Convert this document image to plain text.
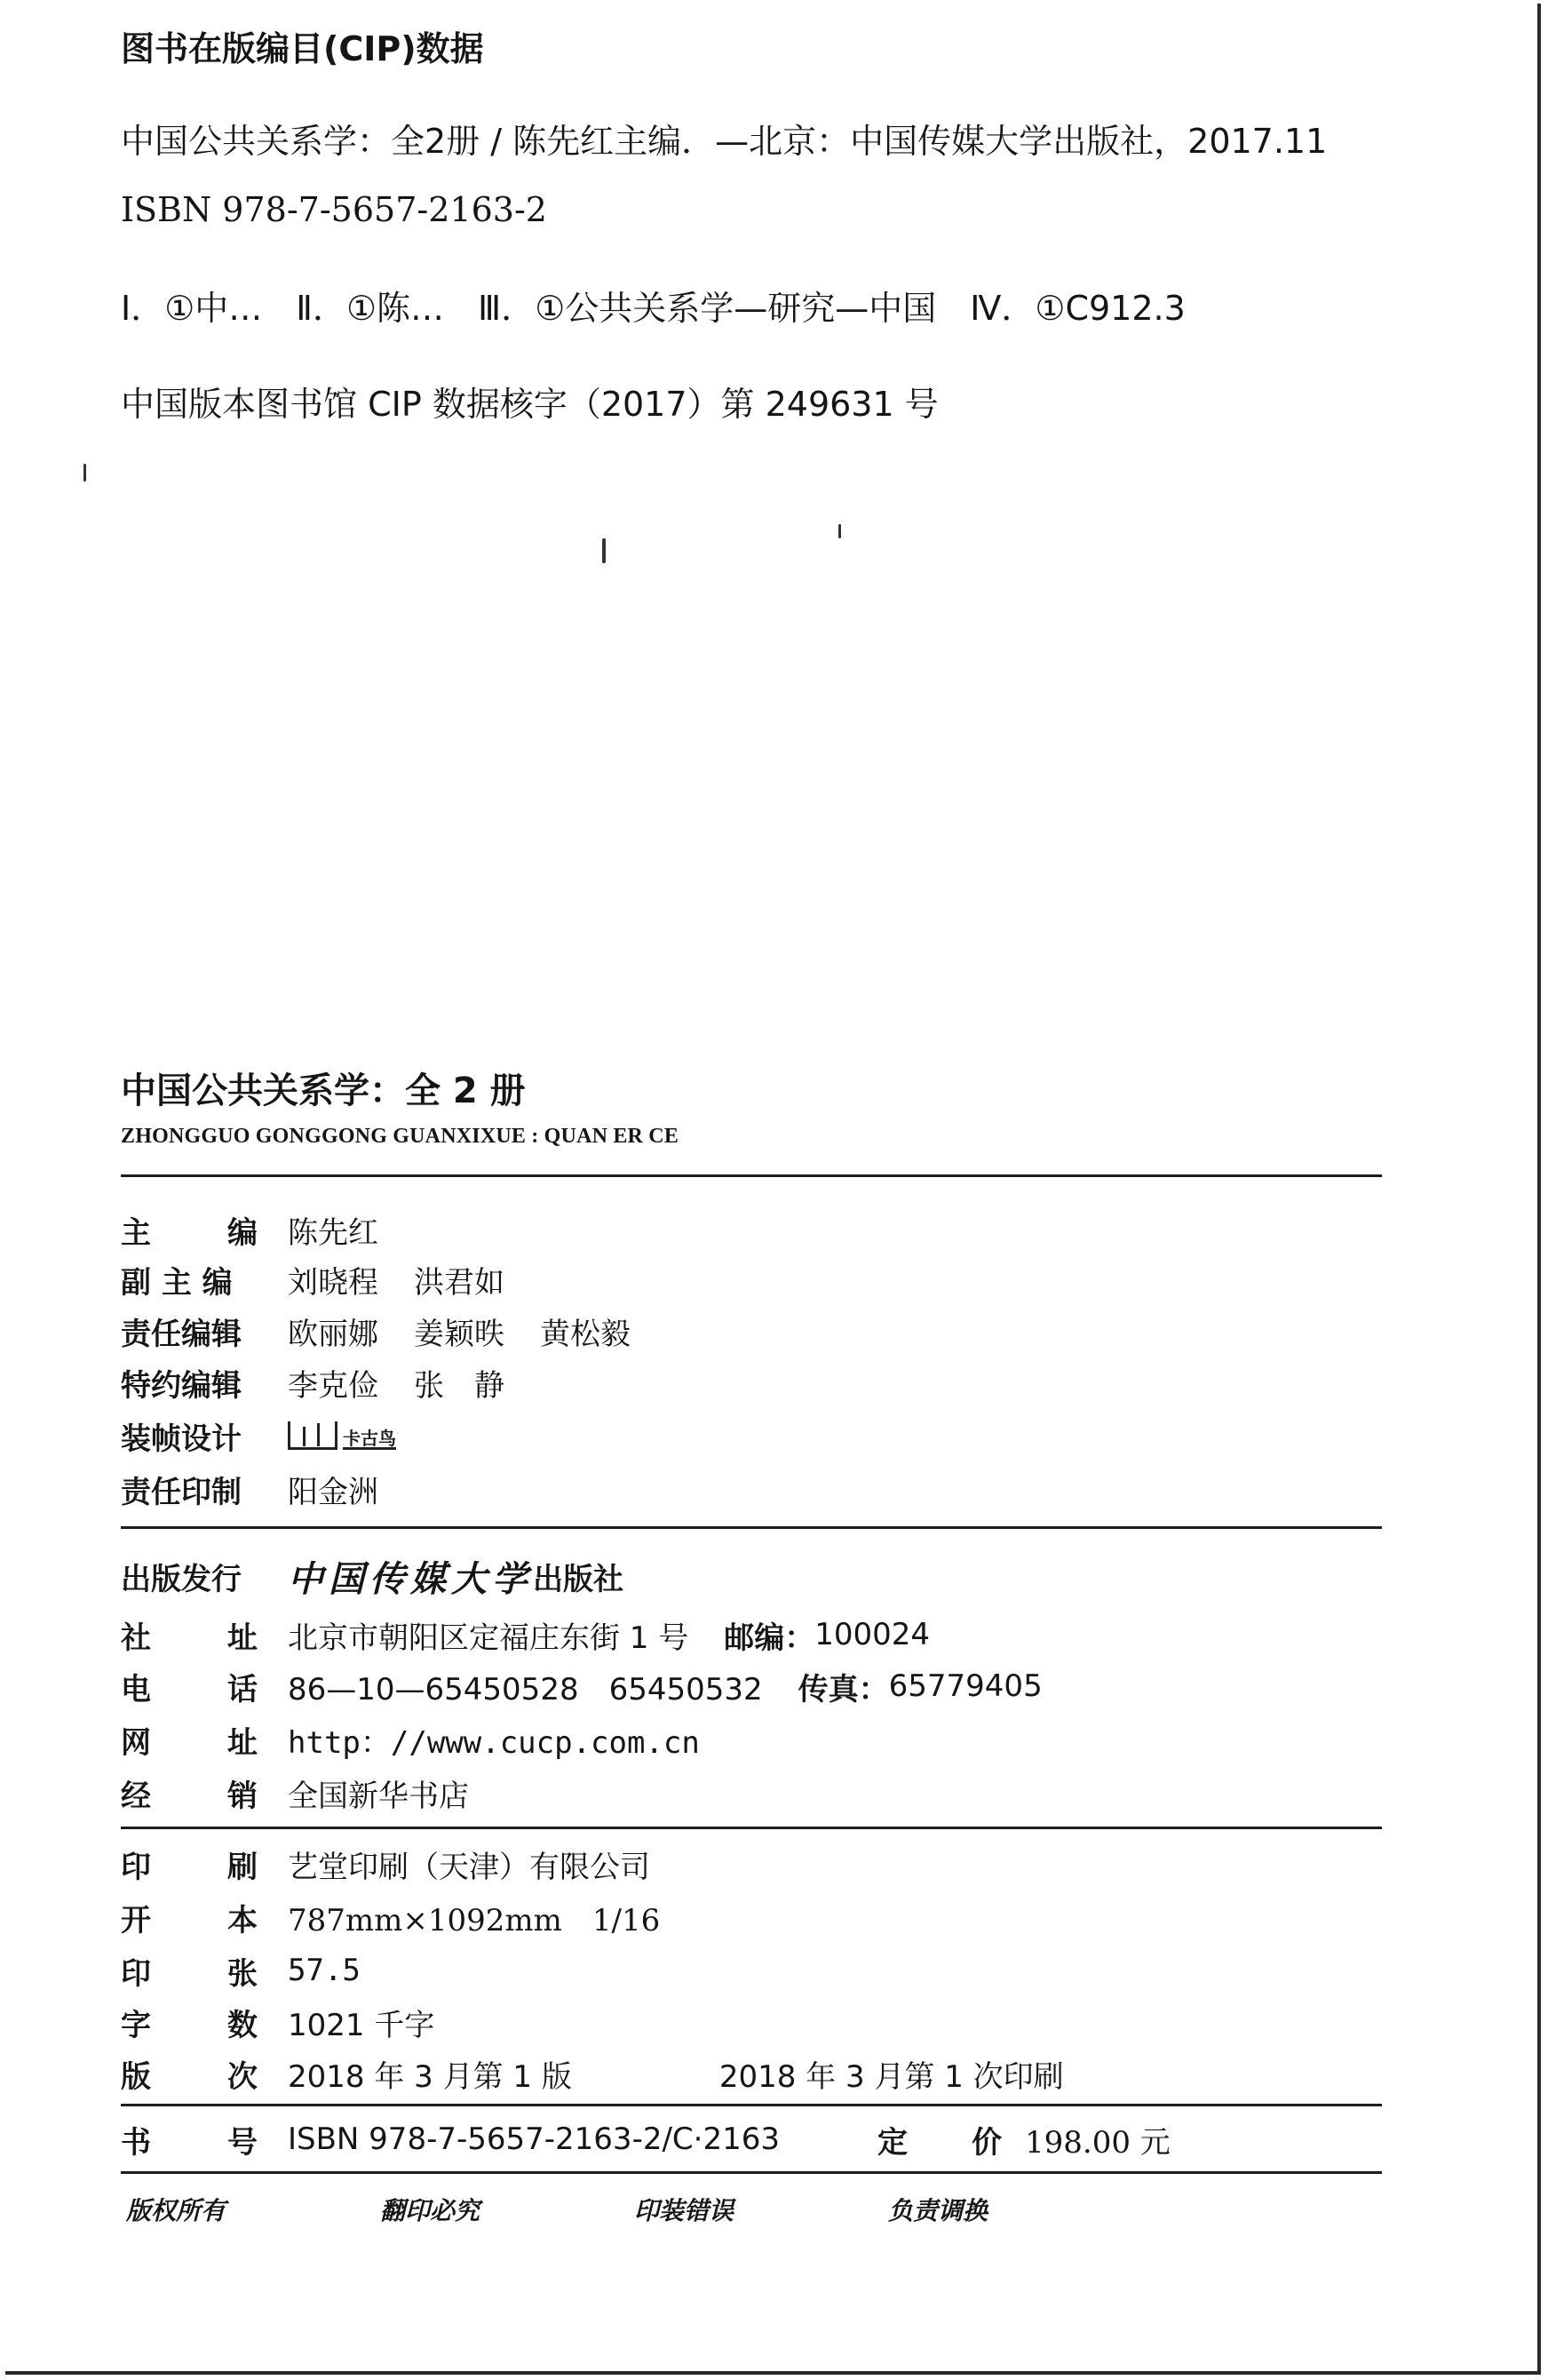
图书在版编目(CIP)数据
中国公共关系学：全2册 / 陈先红主编．—北京：中国传媒大学出版社，2017.11
ISBN 978-7-5657-2163-2
Ⅰ．①中…　Ⅱ．①陈…　Ⅲ．①公共关系学—研究—中国　Ⅳ．①C912.3
中国版本图书馆 CIP 数据核字（2017）第 249631 号
中国公共关系学：全 2 册
ZHONGGUO GONGGONG GUANXIXUE : QUAN ER CE
主	编 陈先红
副 主 编	刘晓程 洪君如
责任编辑	欧丽娜 姜颖昳 黄松毅
特约编辑	李克俭 张　静
装帧设计	卡古鸟
责任印制	阳金洲
出版发行	中国传媒大学 出版社
社	址 北京市朝阳区定福庄东街 1 号 邮编： 100024
电	话 86—10—65450528　65450532 传真： 65779405
网	址 http：//www.cucp.com.cn
经	销 全国新华书店
印	刷 艺堂印刷（天津）有限公司
开	本 787mm×1092mm　1/16
印	张 57.5
字	数 1021 千字
版	次 2018 年 3 月第 1 版	2018 年 3 月第 1 次印刷
书	号 ISBN 978-7-5657-2163-2/C·2163	定 价 198.00 元
版权所有	翻印必究	印装错误	负责调换
